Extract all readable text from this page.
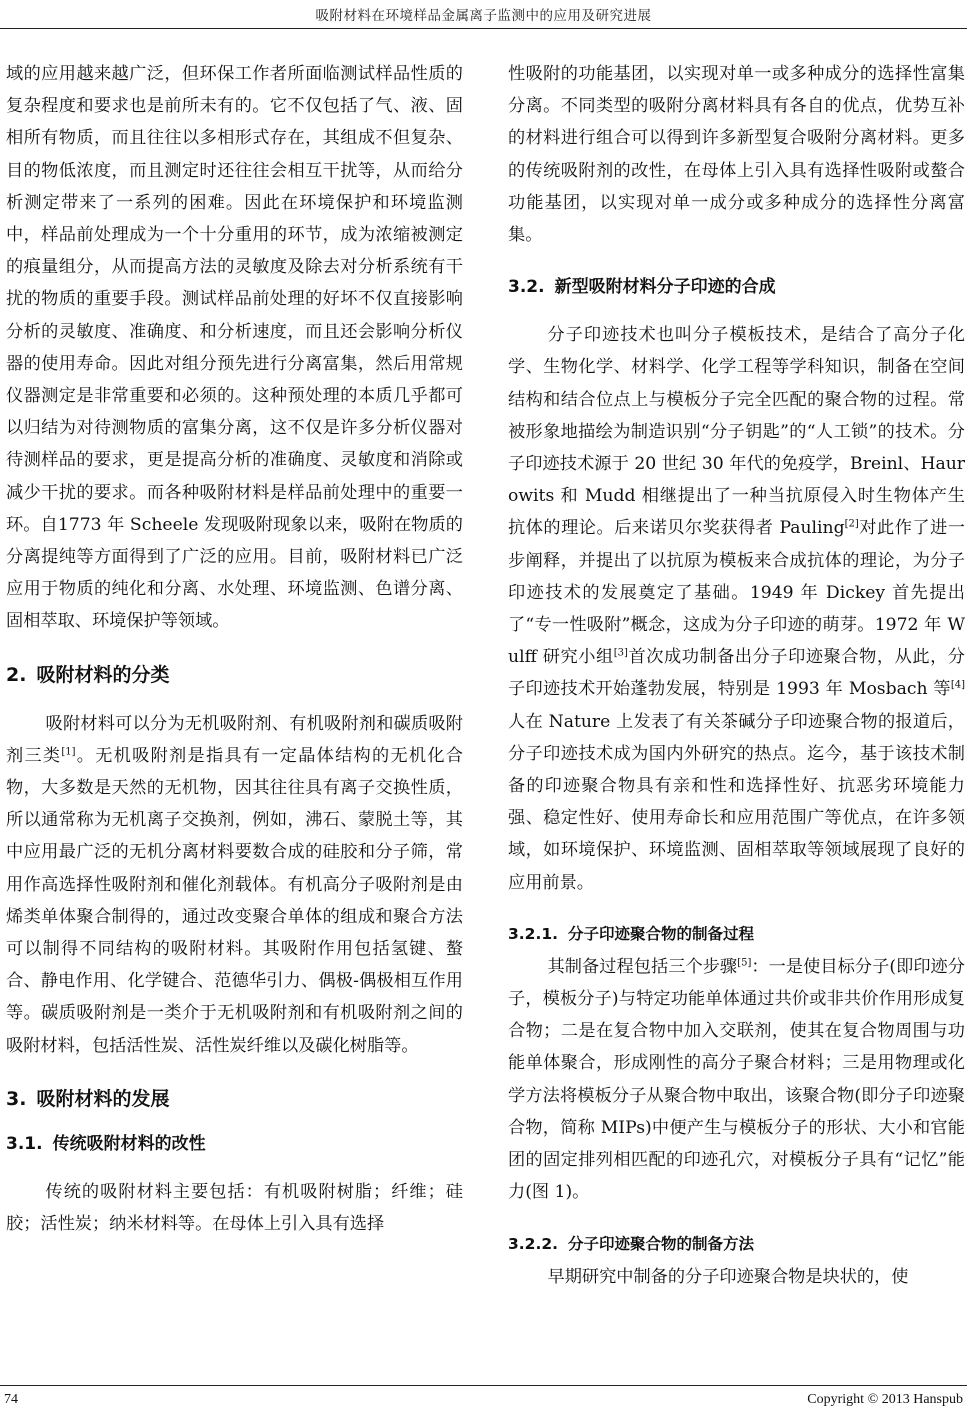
吸附材料在环境样品金属离子监测中的应用及研究进展

域的应用越来越广泛，但环保工作者所面临测试样品性质的复杂程度和要求也是前所未有的。它不仅包括了气、液、固相所有物质，而且往往以多相形式存在，其组成不但复杂、目的物低浓度，而且测定时还往往会相互干扰等，从而给分析测定带来了一系列的困难。因此在环境保护和环境监测中，样品前处理成为一个十分重用的环节，成为浓缩被测定的痕量组分，从而提高方法的灵敏度及除去对分析系统有干扰的物质的重要手段。测试样品前处理的好坏不仅直接影响分析的灵敏度、准确度、和分析速度，而且还会影响分析仪器的使用寿命。因此对组分预先进行分离富集，然后用常规仪器测定是非常重要和必须的。这种预处理的本质几乎都可以归结为对待测物质的富集分离，这不仅是许多分析仪器对待测样品的要求，更是提高分析的准确度、灵敏度和消除或减少干扰的要求。而各种吸附材料是样品前处理中的重要一环。自1773 年 Scheele 发现吸附现象以来，吸附在物质的分离提纯等方面得到了广泛的应用。目前，吸附材料已广泛应用于物质的纯化和分离、水处理、环境监测、色谱分离、固相萃取、环境保护等领域。

2. 吸附材料的分类

吸附材料可以分为无机吸附剂、有机吸附剂和碳质吸附剂三类[1]。无机吸附剂是指具有一定晶体结构的无机化合物，大多数是天然的无机物，因其往往具有离子交换性质，所以通常称为无机离子交换剂，例如，沸石、蒙脱土等，其中应用最广泛的无机分离材料要数合成的硅胶和分子筛，常用作高选择性吸附剂和催化剂载体。有机高分子吸附剂是由烯类单体聚合制得的，通过改变聚合单体的组成和聚合方法可以制得不同结构的吸附材料。其吸附作用包括氢键、螯合、静电作用、化学键合、范德华引力、偶极-偶极相互作用等。碳质吸附剂是一类介于无机吸附剂和有机吸附剂之间的吸附材料，包括活性炭、活性炭纤维以及碳化树脂等。

3. 吸附材料的发展
3.1. 传统吸附材料的改性

传统的吸附材料主要包括：有机吸附树脂；纤维；硅胶；活性炭；纳米材料等。在母体上引入具有选择

性吸附的功能基团，以实现对单一或多种成分的选择性富集分离。不同类型的吸附分离材料具有各自的优点，优势互补的材料进行组合可以得到许多新型复合吸附分离材料。更多的传统吸附剂的改性，在母体上引入具有选择性吸附或螯合功能基团，以实现对单一成分或多种成分的选择性分离富集。

3.2. 新型吸附材料分子印迹的合成

分子印迹技术也叫分子模板技术，是结合了高分子化学、生物化学、材料学、化学工程等学科知识，制备在空间结构和结合位点上与模板分子完全匹配的聚合物的过程。常被形象地描绘为制造识别“分子钥匙”的“人工锁”的技术。分子印迹技术源于 20 世纪 30 年代的免疫学，Breinl、Haurowits 和 Mudd 相继提出了一种当抗原侵入时生物体产生抗体的理论。后来诺贝尔奖获得者 Pauling[2]对此作了进一步阐释，并提出了以抗原为模板来合成抗体的理论，为分子印迹技术的发展奠定了基础。1949 年 Dickey 首先提出了“专一性吸附”概念，这成为分子印迹的萌芽。1972 年 Wulff 研究小组[3]首次成功制备出分子印迹聚合物，从此，分子印迹技术开始蓬勃发展，特别是 1993 年 Mosbach 等[4]人在 Nature 上发表了有关茶碱分子印迹聚合物的报道后，分子印迹技术成为国内外研究的热点。迄今，基于该技术制备的印迹聚合物具有亲和性和选择性好、抗恶劣环境能力强、稳定性好、使用寿命长和应用范围广等优点，在许多领域，如环境保护、环境监测、固相萃取等领域展现了良好的应用前景。

3.2.1. 分子印迹聚合物的制备过程

其制备过程包括三个步骤[5]：一是使目标分子(即印迹分子，模板分子)与特定功能单体通过共价或非共价作用形成复合物；二是在复合物中加入交联剂，使其在复合物周围与功能单体聚合，形成刚性的高分子聚合材料；三是用物理或化学方法将模板分子从聚合物中取出，该聚合物(即分子印迹聚合物，简称 MIPs)中便产生与模板分子的形状、大小和官能团的固定排列相匹配的印迹孔穴，对模板分子具有“记忆”能力(图 1)。

3.2.2. 分子印迹聚合物的制备方法

早期研究中制备的分子印迹聚合物是块状的，使

74	Copyright © 2013 Hanspub
